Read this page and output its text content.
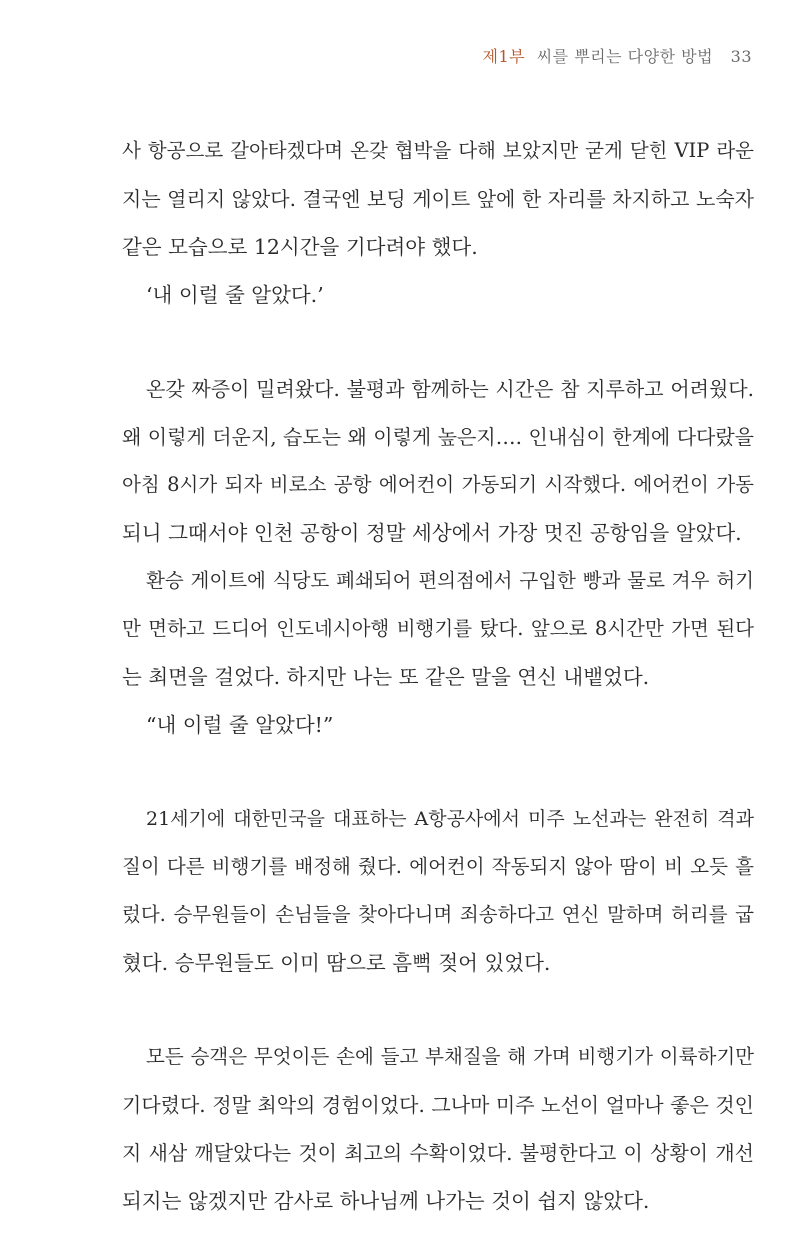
제1부 씨를 뿌리는 다양한 방법 33
사 항공으로 갈아타겠다며 온갖 협박을 다해 보았지만 굳게 닫힌 VIP 라운
지는 열리지 않았다. 결국엔 보딩 게이트 앞에 한 자리를 차지하고 노숙자
같은 모습으로 12시간을 기다려야 했다.
‘내 이럴 줄 알았다.’
온갖 짜증이 밀려왔다. 불평과 함께하는 시간은 참 지루하고 어려웠다.
왜 이렇게 더운지, 습도는 왜 이렇게 높은지…. 인내심이 한계에 다다랐을
아침 8시가 되자 비로소 공항 에어컨이 가동되기 시작했다. 에어컨이 가동
되니 그때서야 인천 공항이 정말 세상에서 가장 멋진 공항임을 알았다.
환승 게이트에 식당도 폐쇄되어 편의점에서 구입한 빵과 물로 겨우 허기
만 면하고 드디어 인도네시아행 비행기를 탔다. 앞으로 8시간만 가면 된다
는 최면을 걸었다. 하지만 나는 또 같은 말을 연신 내뱉었다.
“내 이럴 줄 알았다!”
21세기에 대한민국을 대표하는 A항공사에서 미주 노선과는 완전히 격과
질이 다른 비행기를 배정해 줬다. 에어컨이 작동되지 않아 땀이 비 오듯 흘
렀다. 승무원들이 손님들을 찾아다니며 죄송하다고 연신 말하며 허리를 굽
혔다. 승무원들도 이미 땀으로 흠뻑 젖어 있었다.
모든 승객은 무엇이든 손에 들고 부채질을 해 가며 비행기가 이륙하기만
기다렸다. 정말 최악의 경험이었다. 그나마 미주 노선이 얼마나 좋은 것인
지 새삼 깨달았다는 것이 최고의 수확이었다. 불평한다고 이 상황이 개선
되지는 않겠지만 감사로 하나님께 나가는 것이 쉽지 않았다.
